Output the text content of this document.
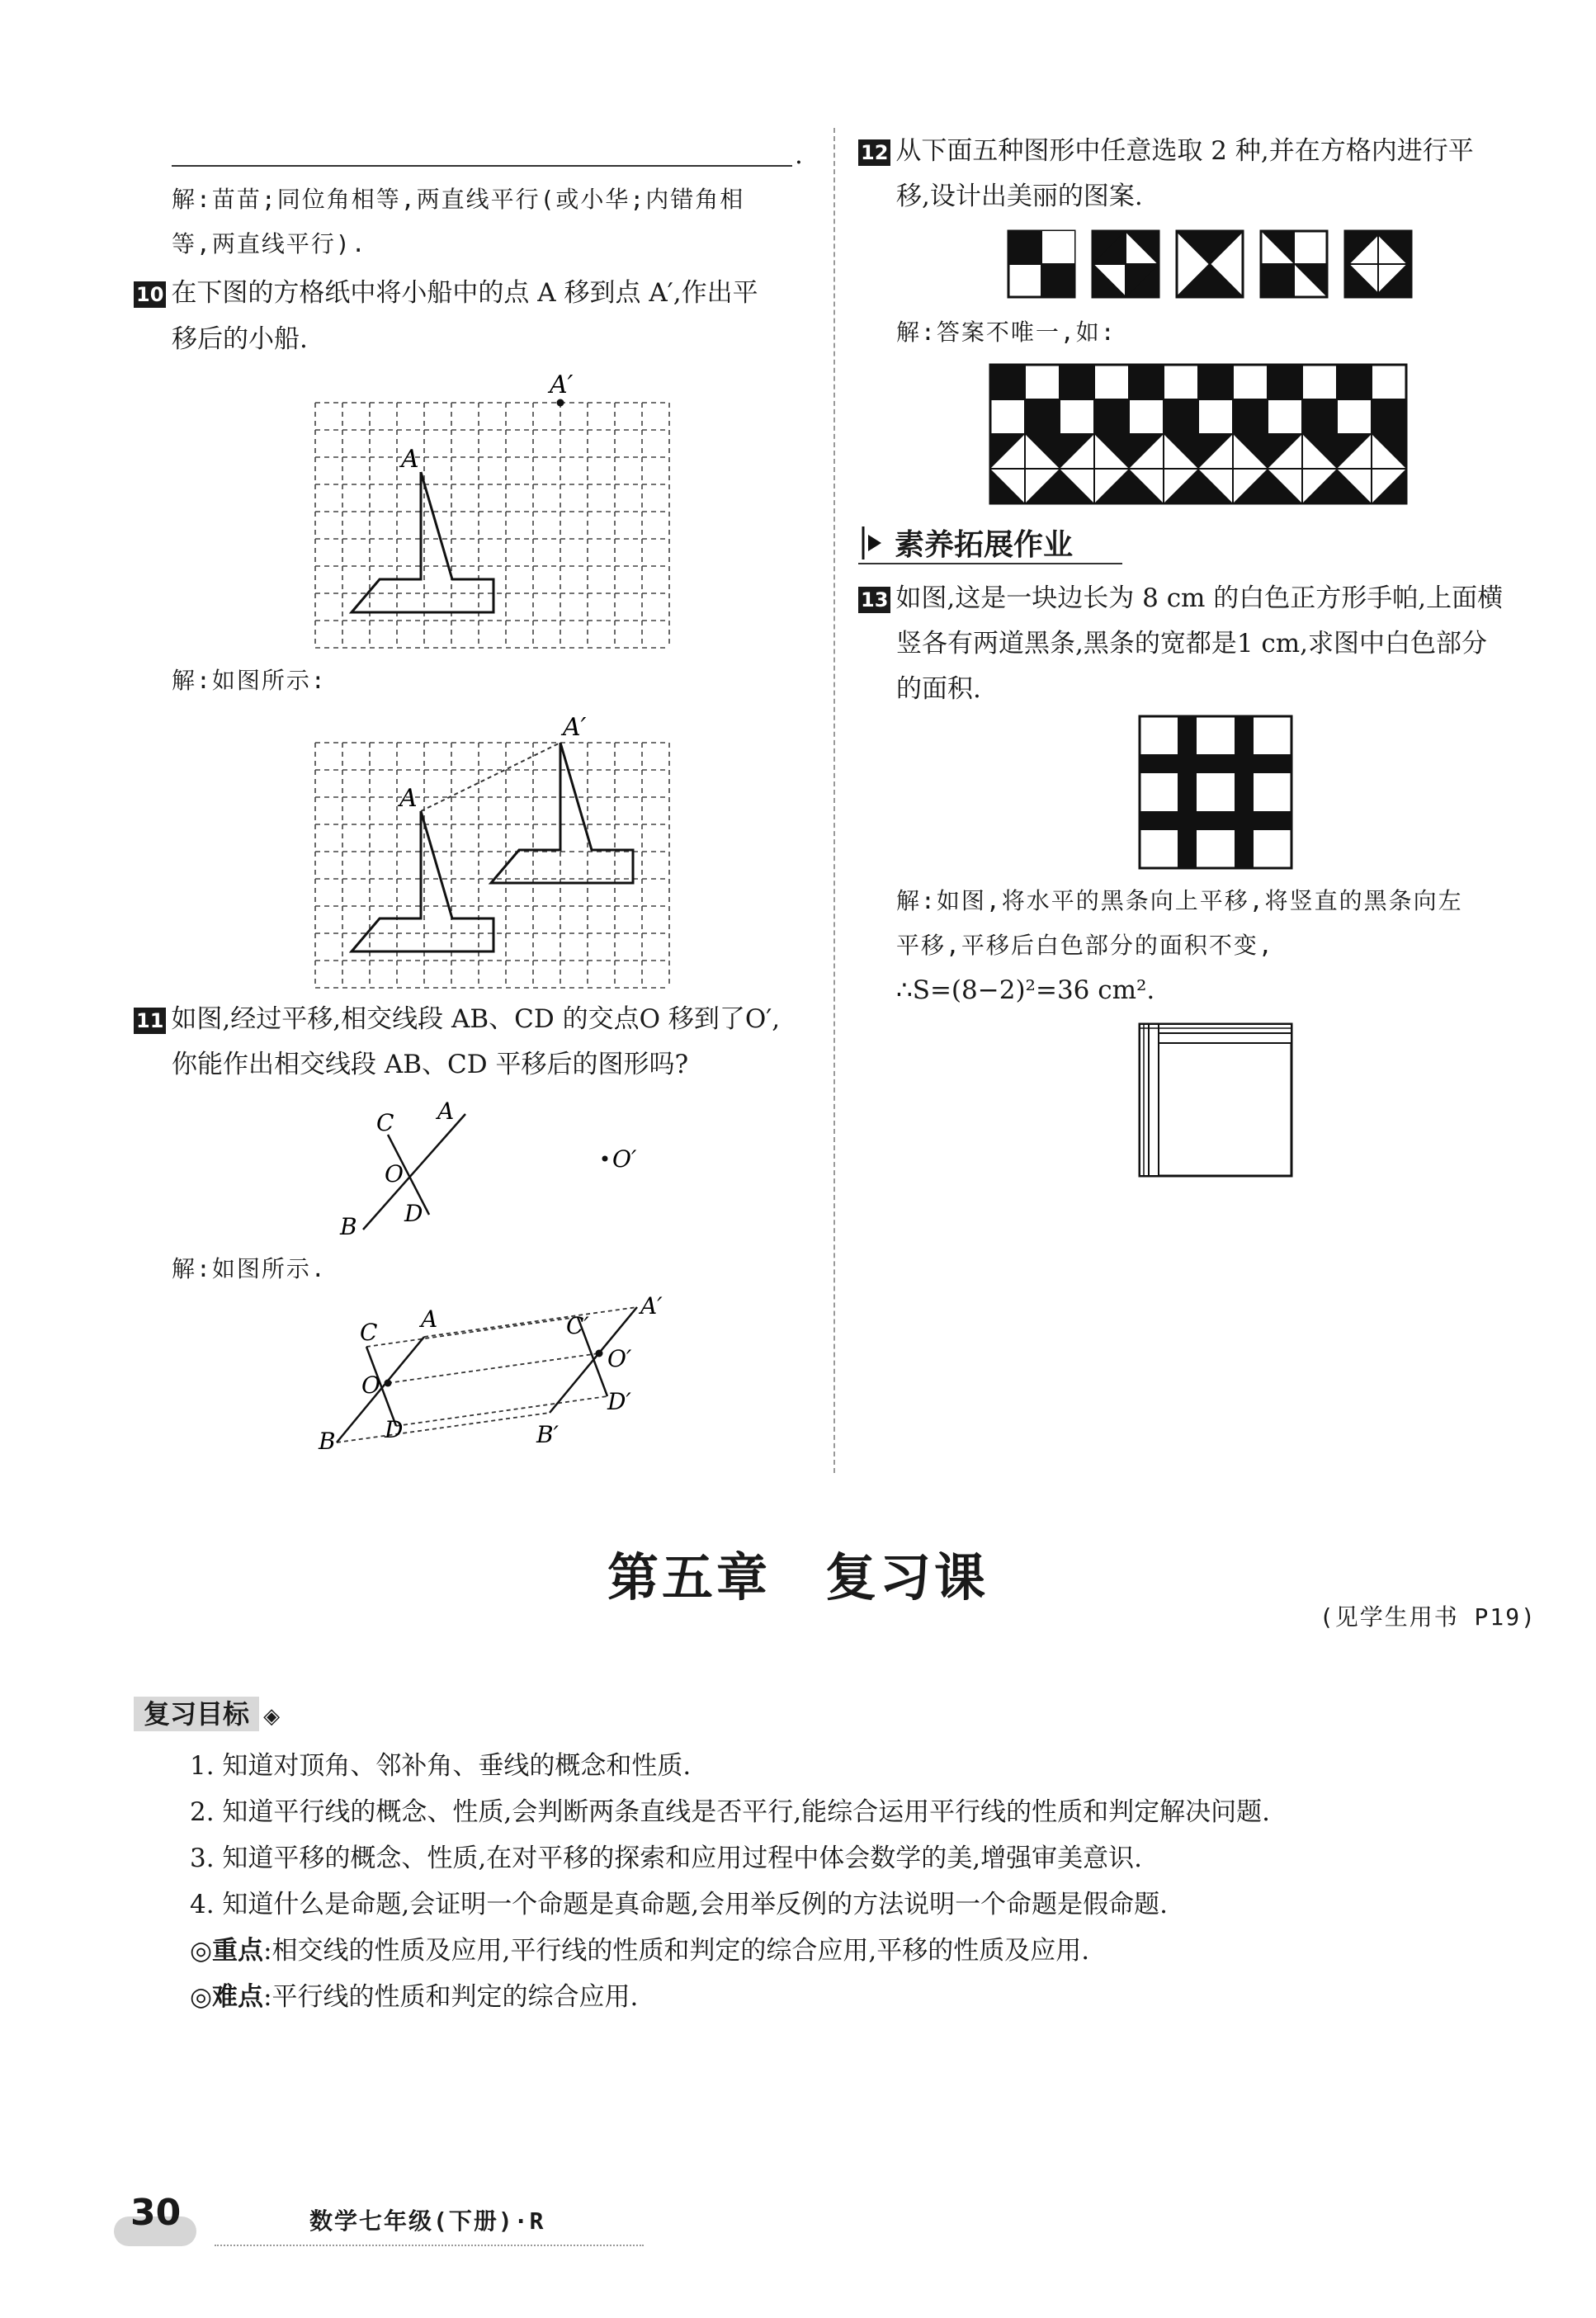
.
解:苗苗;同位角相等,两直线平行(或小华;内错角相
等,两直线平行).
10 在下图的方格纸中将小船中的点 A 移到点 A′,作出平
移后的小船.
A
A′
解:如图所示:
A
A′
11 如图,经过平移,相交线段 AB、CD 的交点O 移到了O′,
你能作出相交线段 AB、CD 平移后的图形吗?
C A
O
D
B
O′
解:如图所示.
C A
O
D
B
C′
A′
O′
D′
B′
12 从下面五种图形中任意选取 2 种,并在方格内进行平
移,设计出美丽的图案.
解:答案不唯一,如:
素养拓展作业
13 如图,这是一块边长为 8 cm 的白色正方形手帕,上面横
竖各有两道黑条,黑条的宽都是1 cm,求图中白色部分
的面积.
解:如图,将水平的黑条向上平移,将竖直的黑条向左
平移,平移后白色部分的面积不变,
∴S=(8−2)²=36 cm².
第五章　复习课
(见学生用书 P19)
复习目标 ◈
1. 知道对顶角、邻补角、垂线的概念和性质.
2. 知道平行线的概念、性质,会判断两条直线是否平行,能综合运用平行线的性质和判定解决问题.
3. 知道平移的概念、性质,在对平移的探索和应用过程中体会数学的美,增强审美意识.
4. 知道什么是命题,会证明一个命题是真命题,会用举反例的方法说明一个命题是假命题.
◎重点:相交线的性质及应用,平行线的性质和判定的综合应用,平移的性质及应用.
◎难点:平行线的性质和判定的综合应用.
30	数学七年级(下册)·R
